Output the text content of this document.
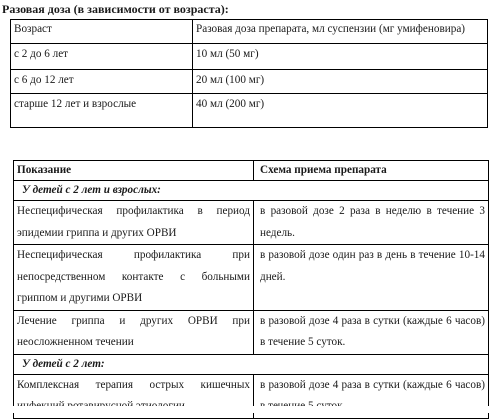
Разовая доза (в зависимости от возраста):
Возраст	Разовая доза препарата, мл суспензии (мг умифеновира)
с 2 до 6 лет	10 мл (50 мг)
с 6 до 12 лет	20 мл (100 мг)
старше 12 лет и взрослые	40 мл (200 мг)
Показание	Схема приема препарата
У детей с 2 лет и взрослых:	
Неспецифическая профилактика в период эпидемии гриппа и других ОРВИ	в разовой дозе 2 раза в неделю в течение 3 недель.
Неспецифическая профилактика при непосредственном контакте с больными гриппом и другими ОРВИ	в разовой дозе один раз в день в течение 10-14 дней.
Лечение гриппа и других ОРВИ при неосложненном течении	в разовой дозе 4 раза в сутки (каждые 6 часов) в течение 5 суток.
У детей с 2 лет:	
Комплексная терапия острых кишечных	в разовой дозе 4 раза в сутки (каждые 6 часов)
